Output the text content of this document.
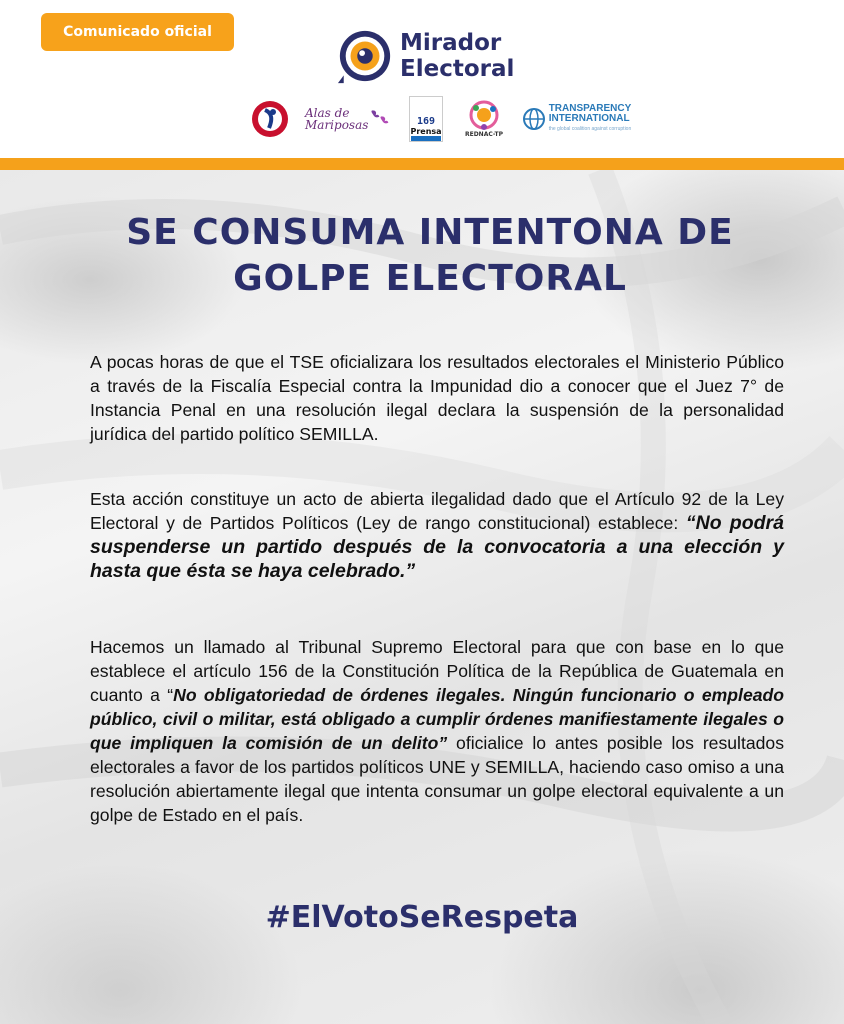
Comunicado oficial	Mirador
Electoral
Alas de
Mariposas	169
Prensa	REDNAC-TP
TRANSPARENCY
INTERNATIONAL
the global coalition against corruption
SE CONSUMA INTENTONA DE
GOLPE ELECTORAL
A pocas horas de que el TSE oficializara los resultados electorales el Ministerio Público a través de la Fiscalía Especial contra la Impunidad dio a conocer que el Juez 7° de Instancia Penal en una resolución ilegal declara la suspensión de la personalidad jurídica del partido político SEMILLA.
Esta acción constituye un acto de abierta ilegalidad dado que el Artículo 92 de la Ley Electoral y de Partidos Políticos (Ley de rango constitucional) establece: “No podrá suspenderse un partido después de la convocatoria a una elección y hasta que ésta se haya celebrado.”
Hacemos un llamado al Tribunal Supremo Electoral para que con base en lo que establece el artículo 156 de la Constitución Política de la República de Guatemala en cuanto a “No obligatoriedad de órdenes ilegales. Ningún funcionario o empleado público, civil o militar, está obligado a cumplir órdenes manifiestamente ilegales o que impliquen la comisión de un delito” oficialice lo antes posible los resultados electorales a favor de los partidos políticos UNE y SEMILLA, haciendo caso omiso a una resolución abiertamente ilegal que intenta consumar un golpe electoral equivalente a un golpe de Estado en el país.
#ElVotoSeRespeta
